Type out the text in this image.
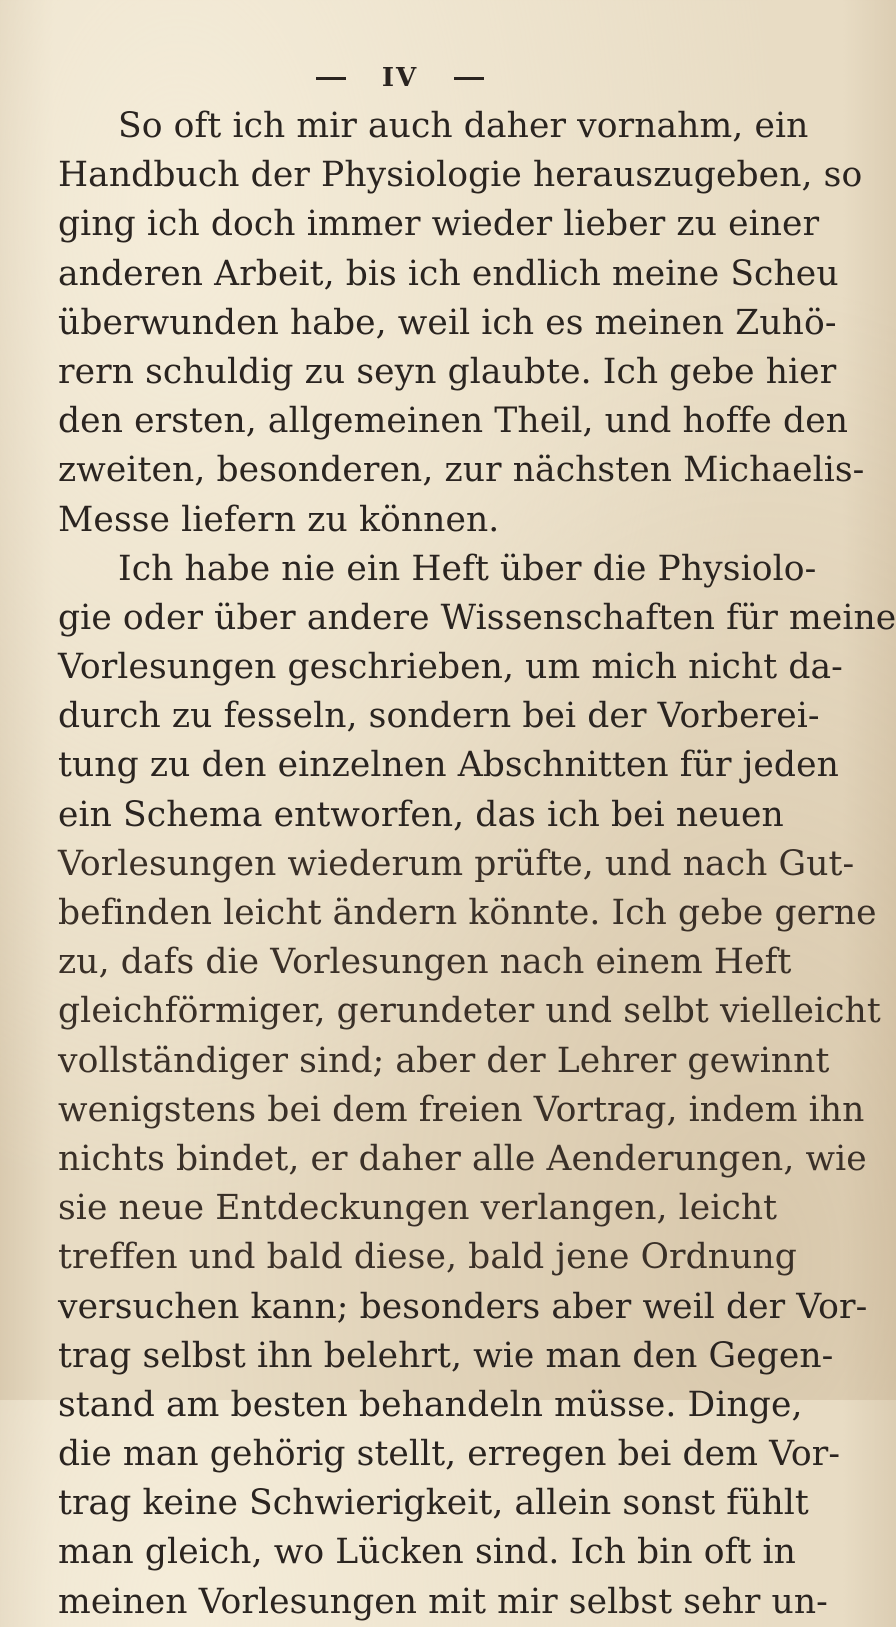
IV
So oft ich mir auch daher vornahm, ein
Handbuch der Physiologie herauszugeben, so
ging ich doch immer wieder lieber zu einer
anderen Arbeit, bis ich endlich meine Scheu
überwunden habe, weil ich es meinen Zuhö-
rern schuldig zu seyn glaubte. Ich gebe hier
den ersten, allgemeinen Theil, und hoffe den
zweiten, besonderen, zur nächsten Michaelis-
Messe liefern zu können.
Ich habe nie ein Heft über die Physiolo-
gie oder über andere Wissenschaften für meine
Vorlesungen geschrieben, um mich nicht da-
durch zu fesseln, sondern bei der Vorberei-
tung zu den einzelnen Abschnitten für jeden
ein Schema entworfen, das ich bei neuen
Vorlesungen wiederum prüfte, und nach Gut-
befinden leicht ändern könnte. Ich gebe gerne
zu, dafs die Vorlesungen nach einem Heft
gleichförmiger, gerundeter und selbt vielleicht
vollständiger sind; aber der Lehrer gewinnt
wenigstens bei dem freien Vortrag, indem ihn
nichts bindet, er daher alle Aenderungen, wie
sie neue Entdeckungen verlangen, leicht
treffen und bald diese, bald jene Ordnung
versuchen kann; besonders aber weil der Vor-
trag selbst ihn belehrt, wie man den Gegen-
stand am besten behandeln müsse. Dinge,
die man gehörig stellt, erregen bei dem Vor-
trag keine Schwierigkeit, allein sonst fühlt
man gleich, wo Lücken sind. Ich bin oft in
meinen Vorlesungen mit mir selbst sehr un-
